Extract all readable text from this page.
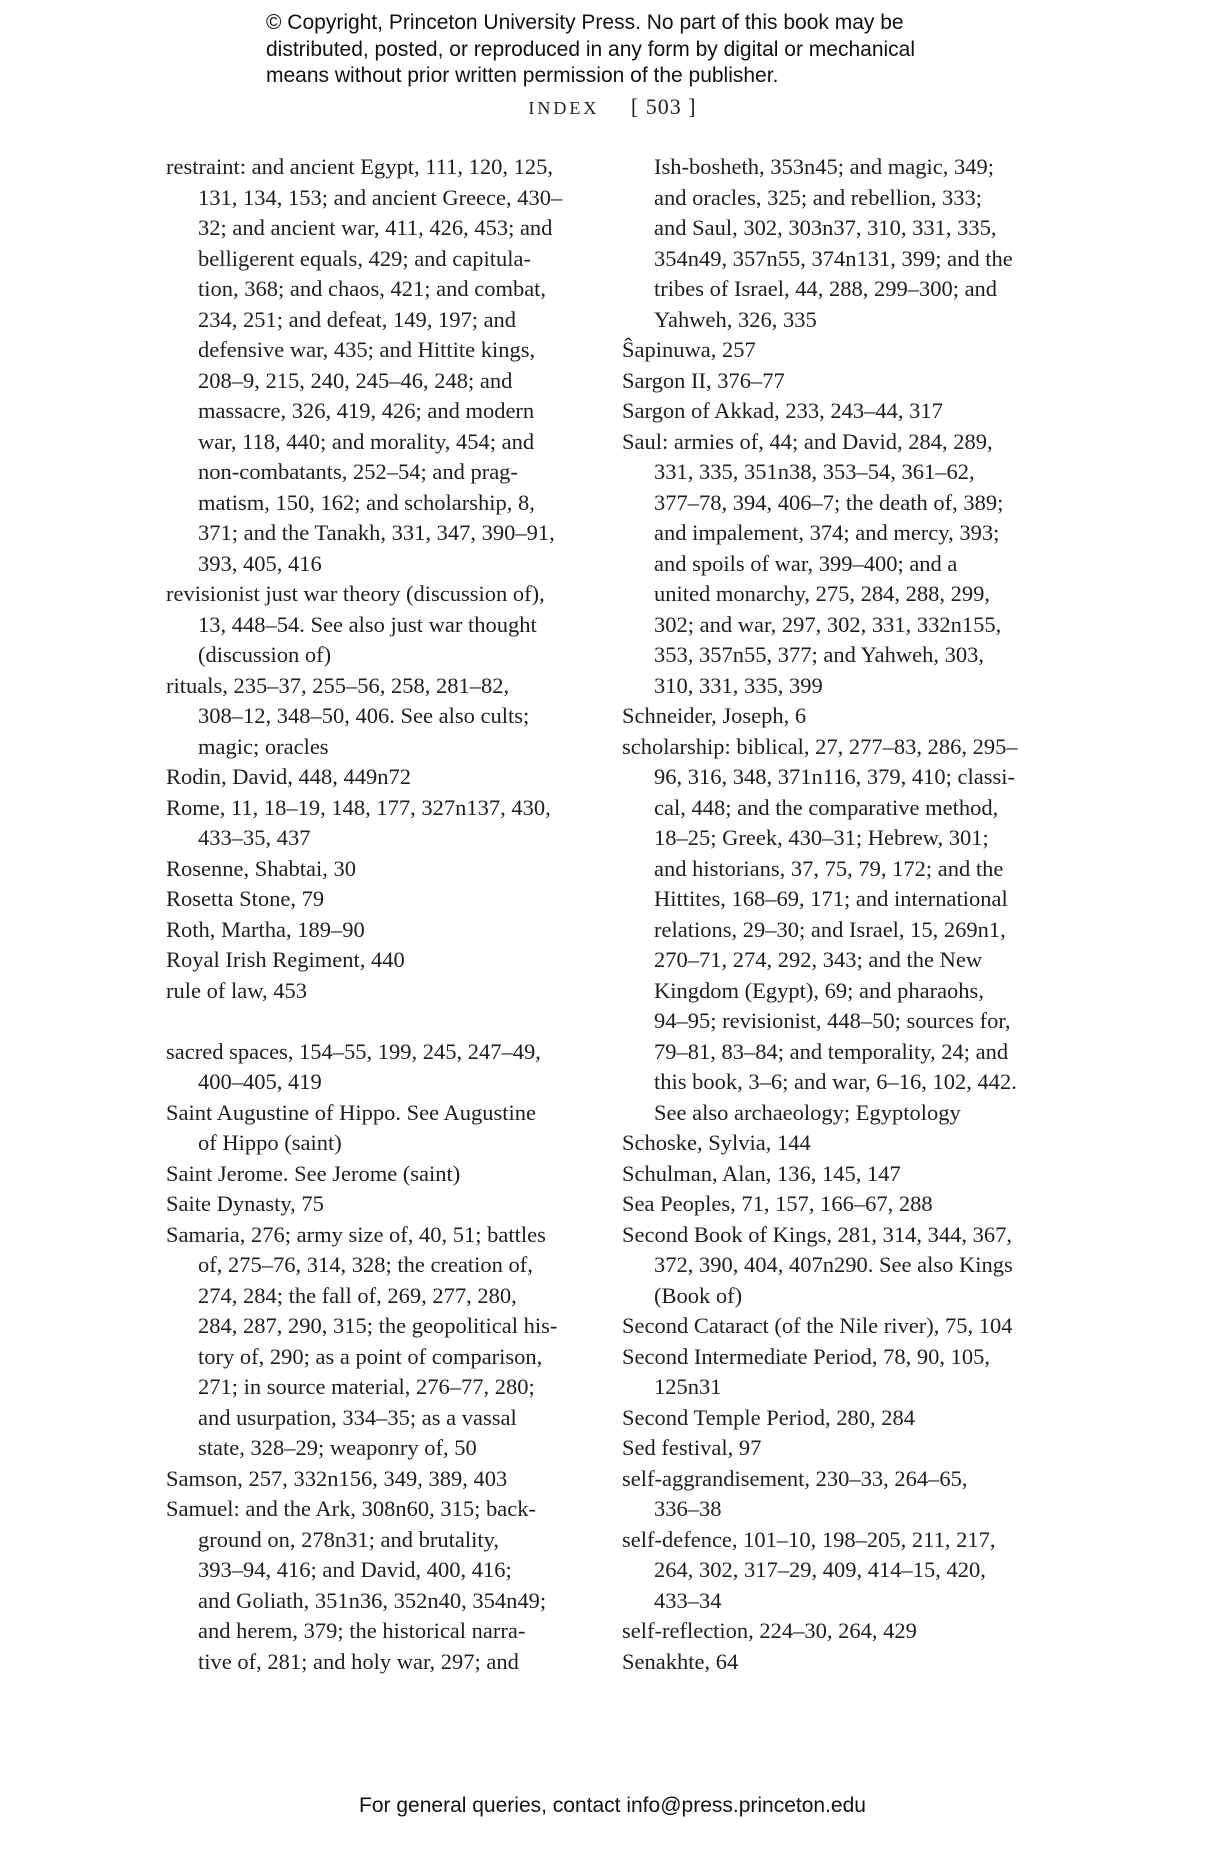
© Copyright, Princeton University Press. No part of this book may be
distributed, posted, or reproduced in any form by digital or mechanical
means without prior written permission of the publisher.
INDEX [ 503 ]
restraint: and ancient Egypt, 111, 120, 125,
131, 134, 153; and ancient Greece, 430–
32; and ancient war, 411, 426, 453; and
belligerent equals, 429; and capitula-
tion, 368; and chaos, 421; and combat,
234, 251; and defeat, 149, 197; and
defensive war, 435; and Hittite kings,
208–9, 215, 240, 245–46, 248; and
massacre, 326, 419, 426; and modern
war, 118, 440; and morality, 454; and
non-combatants, 252–54; and prag-
matism, 150, 162; and scholarship, 8,
371; and the Tanakh, 331, 347, 390–91,
393, 405, 416
revisionist just war theory (discussion of),
13, 448–54. See also just war thought
(discussion of)
rituals, 235–37, 255–56, 258, 281–82,
308–12, 348–50, 406. See also cults;
magic; oracles
Rodin, David, 448, 449n72
Rome, 11, 18–19, 148, 177, 327n137, 430,
433–35, 437
Rosenne, Shabtai, 30
Rosetta Stone, 79
Roth, Martha, 189–90
Royal Irish Regiment, 440
rule of law, 453
sacred spaces, 154–55, 199, 245, 247–49,
400–405, 419
Saint Augustine of Hippo. See Augustine
of Hippo (saint)
Saint Jerome. See Jerome (saint)
Saite Dynasty, 75
Samaria, 276; army size of, 40, 51; battles
of, 275–76, 314, 328; the creation of,
274, 284; the fall of, 269, 277, 280,
284, 287, 290, 315; the geopolitical his-
tory of, 290; as a point of comparison,
271; in source material, 276–77, 280;
and usurpation, 334–35; as a vassal
state, 328–29; weaponry of, 50
Samson, 257, 332n156, 349, 389, 403
Samuel: and the Ark, 308n60, 315; back-
ground on, 278n31; and brutality,
393–94, 416; and David, 400, 416;
and Goliath, 351n36, 352n40, 354n49;
and herem, 379; the historical narra-
tive of, 281; and holy war, 297; and
Ish-bosheth, 353n45; and magic, 349;
and oracles, 325; and rebellion, 333;
and Saul, 302, 303n37, 310, 331, 335,
354n49, 357n55, 374n131, 399; and the
tribes of Israel, 44, 288, 299–300; and
Yahweh, 326, 335
Ŝapinuwa, 257
Sargon II, 376–77
Sargon of Akkad, 233, 243–44, 317
Saul: armies of, 44; and David, 284, 289,
331, 335, 351n38, 353–54, 361–62,
377–78, 394, 406–7; the death of, 389;
and impalement, 374; and mercy, 393;
and spoils of war, 399–400; and a
united monarchy, 275, 284, 288, 299,
302; and war, 297, 302, 331, 332n155,
353, 357n55, 377; and Yahweh, 303,
310, 331, 335, 399
Schneider, Joseph, 6
scholarship: biblical, 27, 277–83, 286, 295–
96, 316, 348, 371n116, 379, 410; classi-
cal, 448; and the comparative method,
18–25; Greek, 430–31; Hebrew, 301;
and historians, 37, 75, 79, 172; and the
Hittites, 168–69, 171; and international
relations, 29–30; and Israel, 15, 269n1,
270–71, 274, 292, 343; and the New
Kingdom (Egypt), 69; and pharaohs,
94–95; revisionist, 448–50; sources for,
79–81, 83–84; and temporality, 24; and
this book, 3–6; and war, 6–16, 102, 442.
See also archaeology; Egyptology
Schoske, Sylvia, 144
Schulman, Alan, 136, 145, 147
Sea Peoples, 71, 157, 166–67, 288
Second Book of Kings, 281, 314, 344, 367,
372, 390, 404, 407n290. See also Kings
(Book of)
Second Cataract (of the Nile river), 75, 104
Second Intermediate Period, 78, 90, 105,
125n31
Second Temple Period, 280, 284
Sed festival, 97
self-aggrandisement, 230–33, 264–65,
336–38
self-defence, 101–10, 198–205, 211, 217,
264, 302, 317–29, 409, 414–15, 420,
433–34
self-reflection, 224–30, 264, 429
Senakhte, 64
For general queries, contact info@press.princeton.edu
